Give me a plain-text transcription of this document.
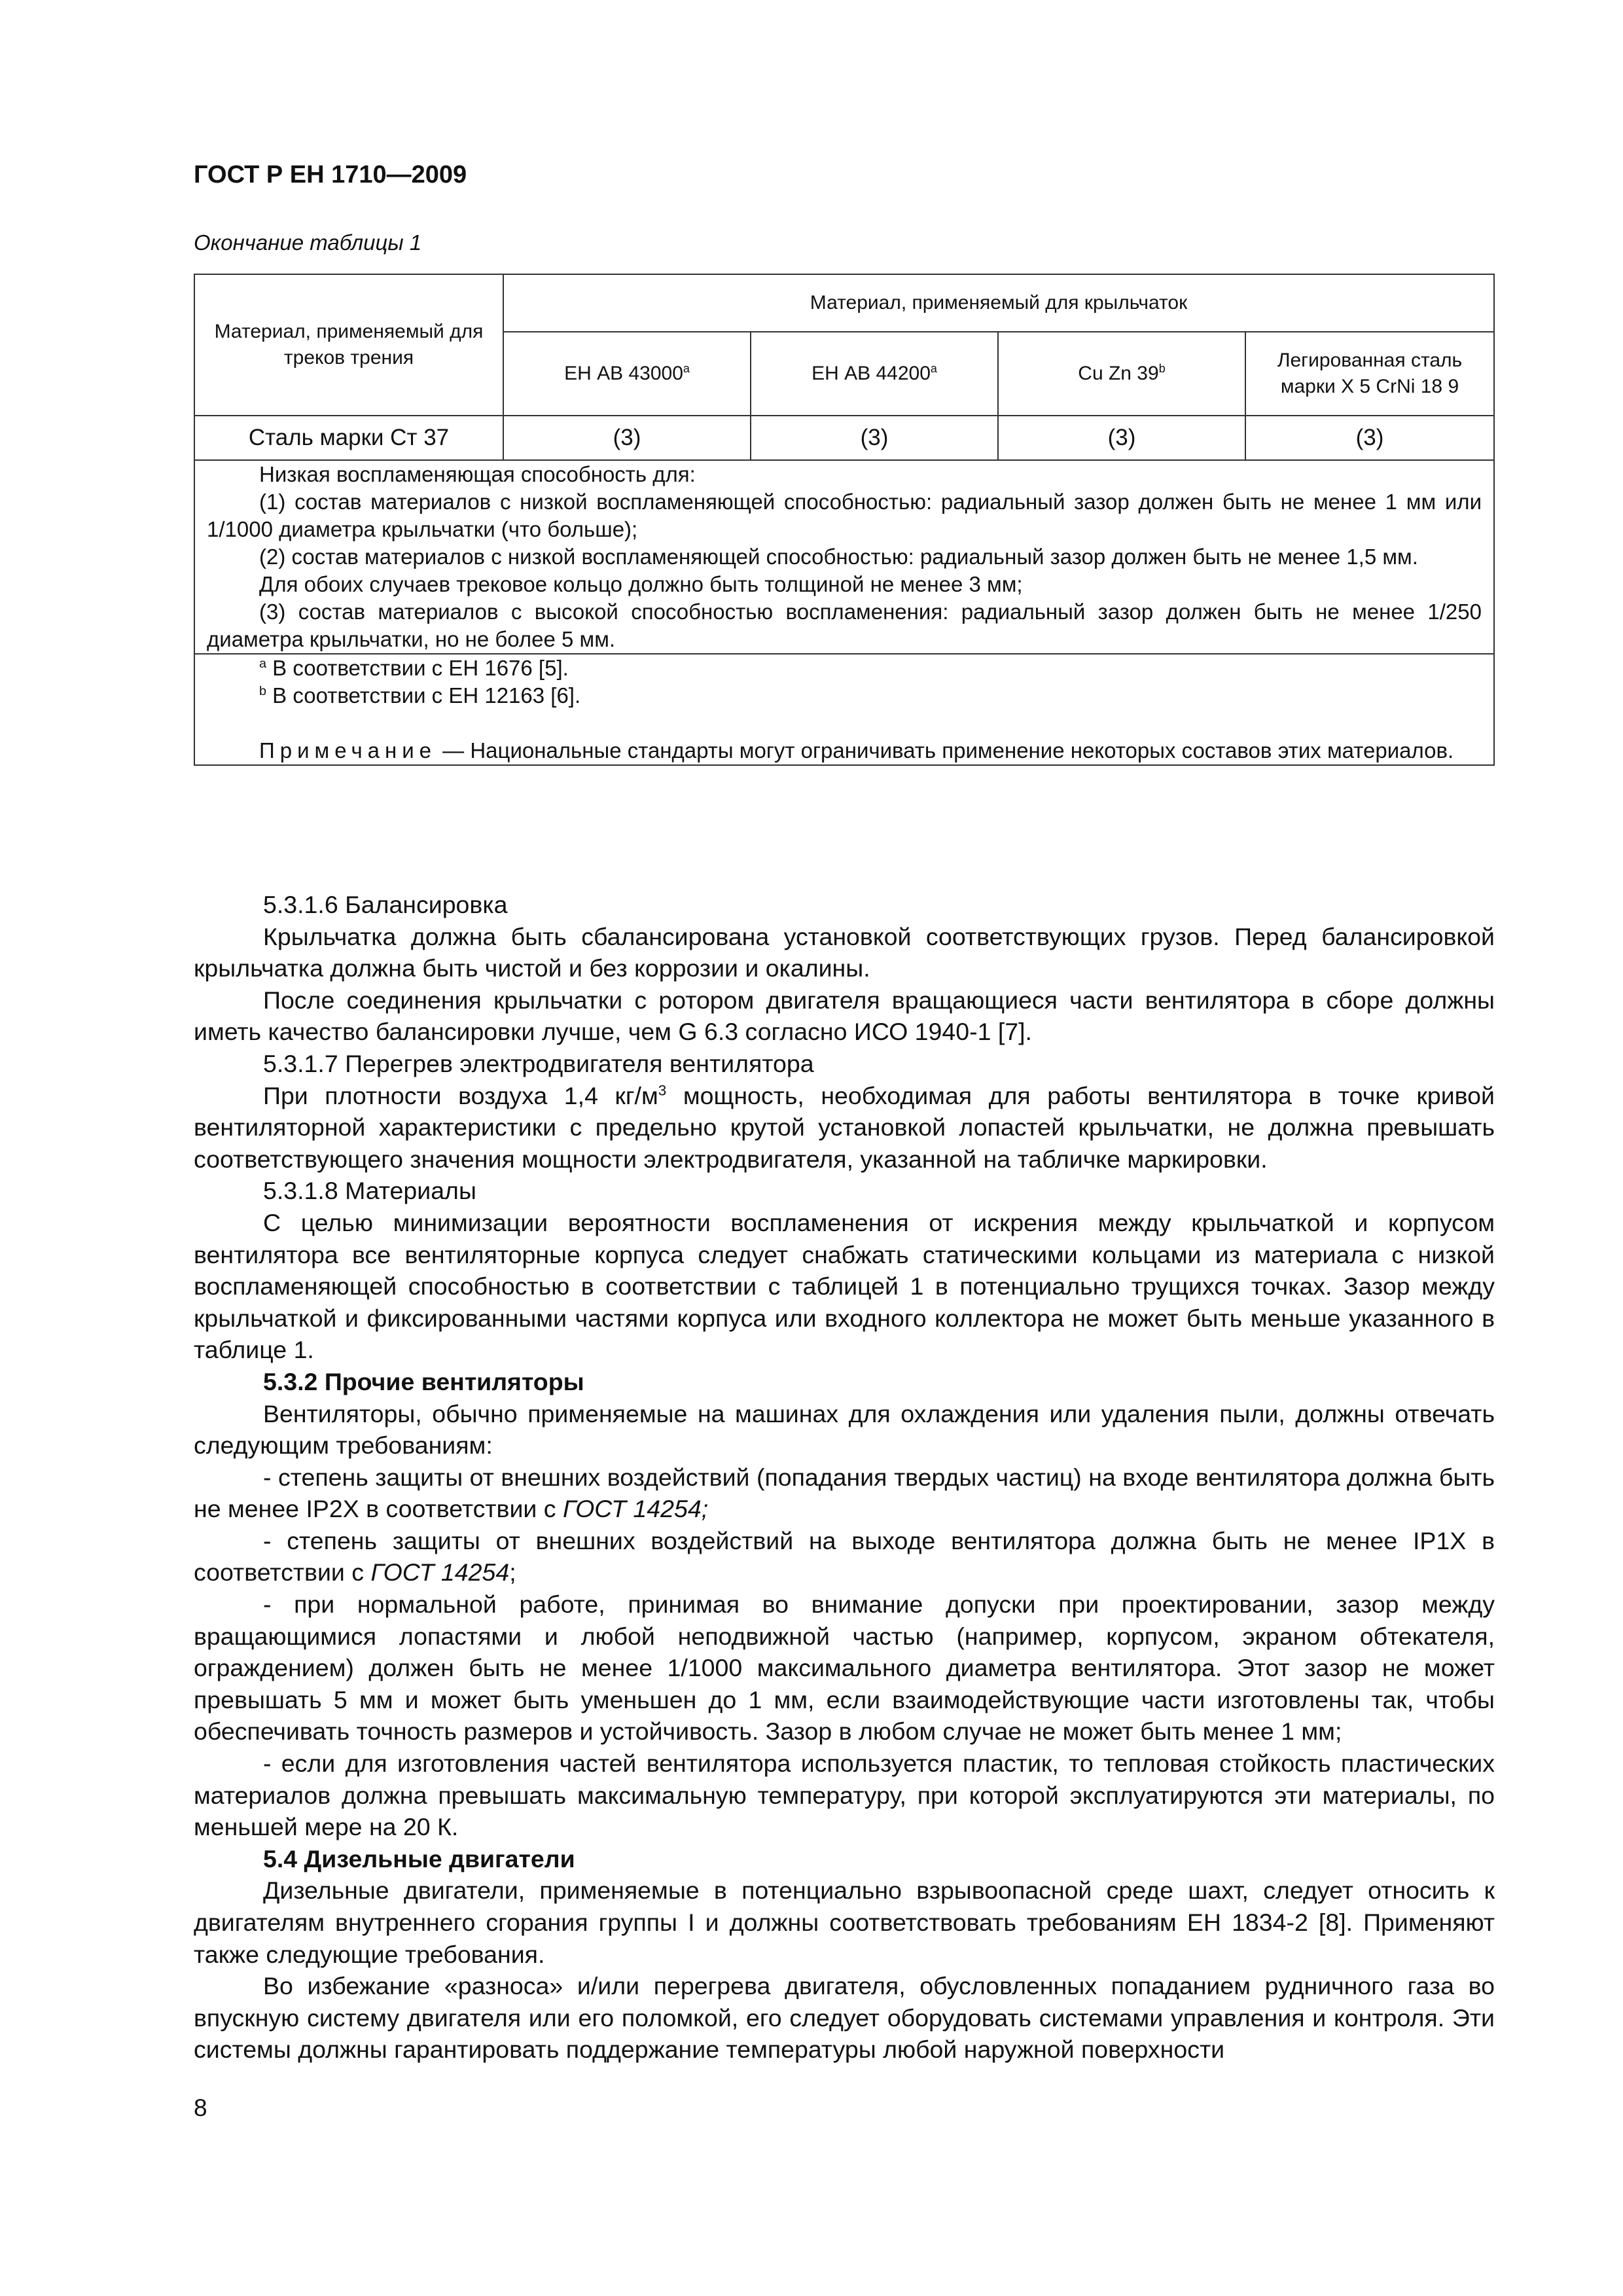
ГОСТ Р ЕН 1710—2009
Окончание таблицы 1
Материал, применяемый для треков трения	Материал, применяемый для крыльчаток			
	ЕН АВ 43000$^a$	ЕН АВ 44200$^a$	Cu Zn 39$^b$	Легированная сталь марки X 5 CrNi 18 9
Сталь марки Ст 37	(3)	(3)	(3)	(3)

Низкая воспламеняющая способность для:

(1) состав материалов с низкой воспламеняющей способностью: радиальный зазор должен быть не менее 1 мм или 1/1000 диаметра крыльчатки (что больше);

(2) состав материалов с низкой воспламеняющей способностью: радиальный зазор должен быть не менее 1,5 мм.

Для обоих случаев трековое кольцо должно быть толщиной не менее 3 мм;

(3) состав материалов с высокой способностью воспламенения: радиальный зазор должен быть не менее 1/250 диаметра крыльчатки, но не более 5 мм.				

$^a$ В соответствии с ЕН 1676 [5].

$^b$ В соответствии с ЕН 12163 [6].

Примечание — Национальные стандарты могут ограничивать применение некоторых составов этих материалов.				

5.3.1.6 Балансировка

Крыльчатка должна быть сбалансирована установкой соответствующих грузов. Перед балансировкой крыльчатка должна быть чистой и без коррозии и окалины.

После соединения крыльчатки с ротором двигателя вращающиеся части вентилятора в сборе должны иметь качество балансировки лучше, чем G 6.3 согласно ИСО 1940-1 [7].

5.3.1.7 Перегрев электродвигателя вентилятора

При плотности воздуха 1,4 $кг/м^3$ мощность, необходимая для работы вентилятора в точке кривой вентиляторной характеристики с предельно крутой установкой лопастей крыльчатки, не должна превышать соответствующего значения мощности электродвигателя, указанной на табличке маркировки.

5.3.1.8 Материалы

С целью минимизации вероятности воспламенения от искрения между крыльчаткой и корпусом вентилятора все вентиляторные корпуса следует снабжать статическими кольцами из материала с низкой воспламеняющей способностью в соответствии с таблицей 1 в потенциально трущихся точках. Зазор между крыльчаткой и фиксированными частями корпуса или входного коллектора не может быть меньше указанного в таблице 1.

5.3.2 Прочие вентиляторы

Вентиляторы, обычно применяемые на машинах для охлаждения или удаления пыли, должны отвечать следующим требованиям:

- степень защиты от внешних воздействий (попадания твердых частиц) на входе вентилятора должна быть не менее IP2X в соответствии с ГОСТ 14254;

- степень защиты от внешних воздействий на выходе вентилятора должна быть не менее IP1X в соответствии с ГОСТ 14254;

- при нормальной работе, принимая во внимание допуски при проектировании, зазор между вращающимися лопастями и любой неподвижной частью (например, корпусом, экраном обтекателя, ограждением) должен быть не менее 1/1000 максимального диаметра вентилятора. Этот зазор не может превышать 5 мм и может быть уменьшен до 1 мм, если взаимодействующие части изготовлены так, чтобы обеспечивать точность размеров и устойчивость. Зазор в любом случае не может быть менее 1 мм;

- если для изготовления частей вентилятора используется пластик, то тепловая стойкость пластических материалов должна превышать максимальную температуру, при которой эксплуатируются эти материалы, по меньшей мере на 20 К.

5.4 Дизельные двигатели

Дизельные двигатели, применяемые в потенциально взрывоопасной среде шахт, следует относить к двигателям внутреннего сгорания группы I и должны соответствовать требованиям ЕН 1834-2 [8]. Применяют также следующие требования.

Во избежание «разноса» и/или перегрева двигателя, обусловленных попаданием рудничного газа во впускную систему двигателя или его поломкой, его следует оборудовать системами управления и контроля. Эти системы должны гарантировать поддержание температуры любой наружной поверхности

8
